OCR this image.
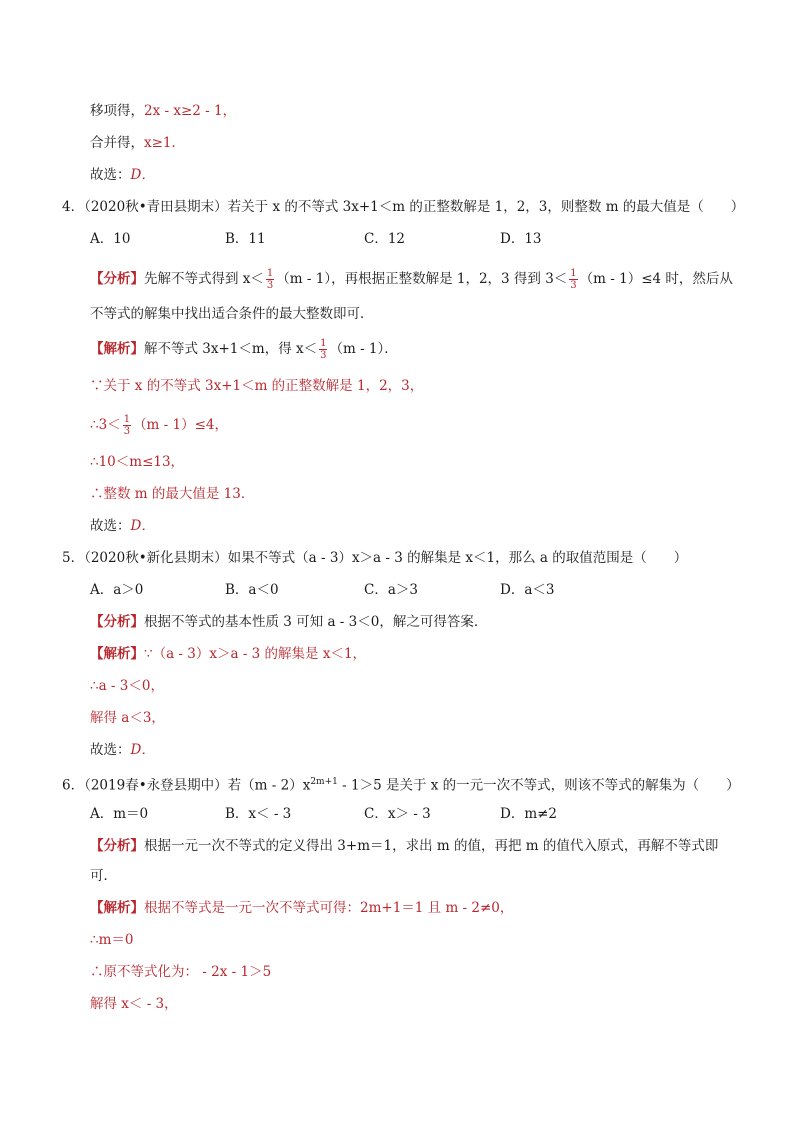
移项得，2x - x≥2 - 1，
合并得，x≥1．
故选：D．
4．（2020秋•青田县期末）若关于 x 的不等式 3x+1＜m 的正整数解是 1，2，3，则整数 m 的最大值是（　　）
A．10	B．11	C．12	D．13
【分析】先解不等式得到 $x< \frac{1}{3} (m - 1)$，再根据正整数解是 1，2，3 得到 $3< \frac{1}{3} (m - 1)\le 4$ 时，然后从
不等式的解集中找出适合条件的最大整数即可．
【解析】解不等式 3x+1＜m，得 $x< \frac{1}{3} (m - 1)$．
∵关于 x 的不等式 3x+1＜m 的正整数解是 1，2，3，
∴3＜ $\frac{1}{3} (m - 1)\le 4$，
∴10＜m≤13，
∴整数 m 的最大值是 13．
故选：D．
5．（2020秋•新化县期末）如果不等式（a - 3）x＞a - 3 的解集是 x＜1，那么 a 的取值范围是（　　）
A．a＞0	B．a＜0	C．a＞3	D．a＜3
【分析】根据不等式的基本性质 3 可知 a - 3＜0，解之可得答案．
【解析】∵（a - 3）x＞a - 3 的解集是 x＜1，
∴a - 3＜0，
解得 a＜3，
故选：D．
6．（2019春•永登县期中）若$(m - 2)x^{2m+1} - 1>5$ 是关于 x 的一元一次不等式，则该不等式的解集为（　　）
A．m＝0	B．x＜ - 3	C．x＞ - 3	D．m≠2
【分析】根据一元一次不等式的定义得出 3+m＝1，求出 m 的值，再把 m 的值代入原式，再解不等式即
可．
【解析】根据不等式是一元一次不等式可得：2m+1＝1 且 m - 2≠0，
∴m＝0
∴原不等式化为： - 2x - 1＞5
解得 x＜ - 3，
